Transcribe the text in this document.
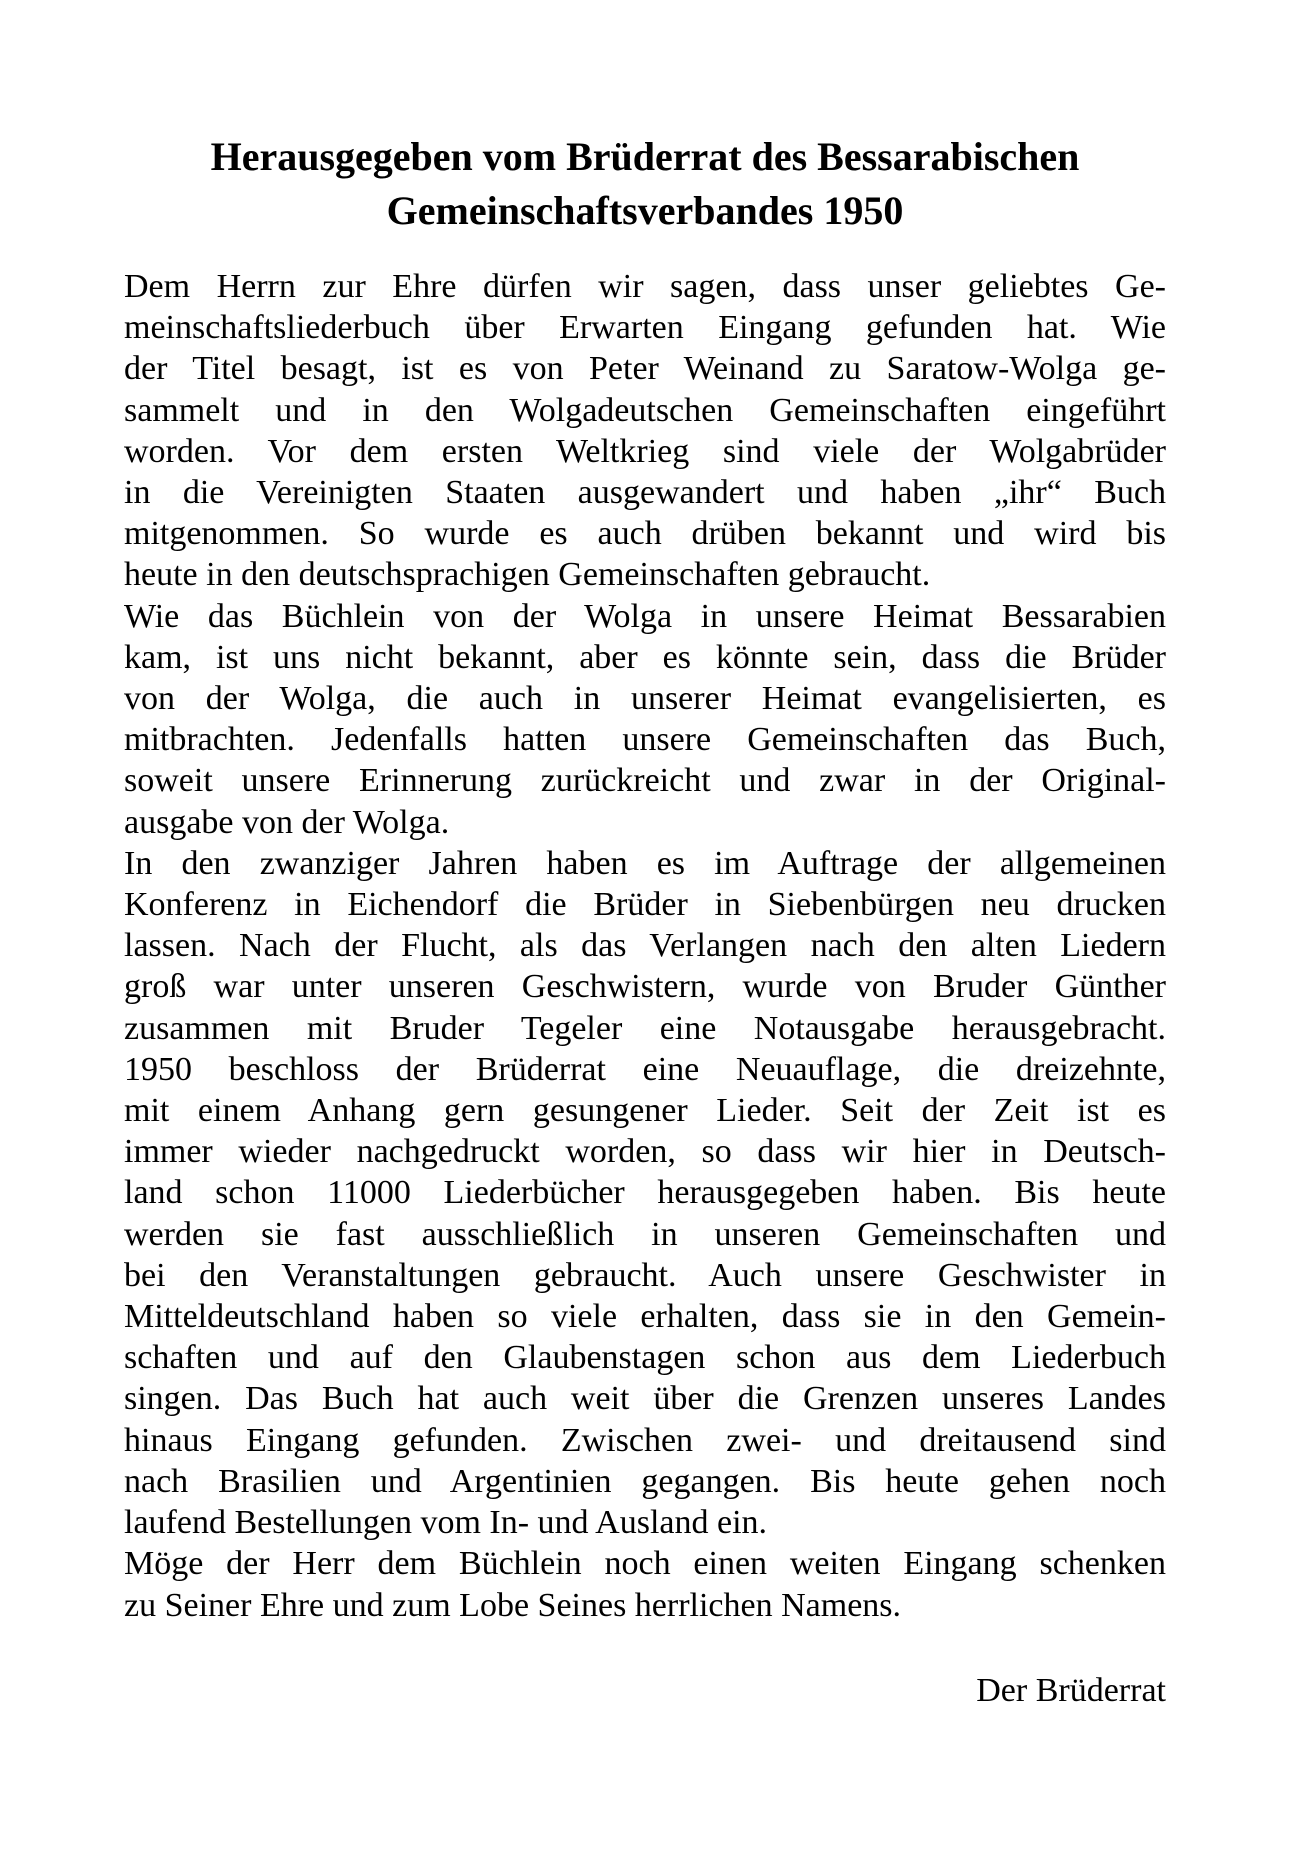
Herausgegeben vom Brüderrat des Bessarabischen
Gemeinschaftsverbandes 1950

Dem Herrn zur Ehre dürfen wir sagen, dass unser geliebtes Ge-
meinschaftsliederbuch über Erwarten Eingang gefunden hat. Wie
der Titel besagt, ist es von Peter Weinand zu Saratow-Wolga ge-
sammelt und in den Wolgadeutschen Gemeinschaften eingeführt
worden. Vor dem ersten Weltkrieg sind viele der Wolgabrüder
in die Vereinigten Staaten ausgewandert und haben „ihr“ Buch
mitgenommen. So wurde es auch drüben bekannt und wird bis
heute in den deutschsprachigen Gemeinschaften gebraucht.

Wie das Büchlein von der Wolga in unsere Heimat Bessarabien
kam, ist uns nicht bekannt, aber es könnte sein, dass die Brüder
von der Wolga, die auch in unserer Heimat evangelisierten, es
mitbrachten. Jedenfalls hatten unsere Gemeinschaften das Buch,
soweit unsere Erinnerung zurückreicht und zwar in der Original-
ausgabe von der Wolga.

In den zwanziger Jahren haben es im Auftrage der allgemeinen
Konferenz in Eichendorf die Brüder in Siebenbürgen neu drucken
lassen. Nach der Flucht, als das Verlangen nach den alten Liedern
groß war unter unseren Geschwistern, wurde von Bruder Günther
zusammen mit Bruder Tegeler eine Notausgabe herausgebracht.
1950 beschloss der Brüderrat eine Neuauflage, die dreizehnte,
mit einem Anhang gern gesungener Lieder. Seit der Zeit ist es
immer wieder nachgedruckt worden, so dass wir hier in Deutsch-
land schon 11000 Liederbücher herausgegeben haben. Bis heute
werden sie fast ausschließlich in unseren Gemeinschaften und
bei den Veranstaltungen gebraucht. Auch unsere Geschwister in
Mitteldeutschland haben so viele erhalten, dass sie in den Gemein-
schaften und auf den Glaubenstagen schon aus dem Liederbuch
singen. Das Buch hat auch weit über die Grenzen unseres Landes
hinaus Eingang gefunden. Zwischen zwei- und dreitausend sind
nach Brasilien und Argentinien gegangen. Bis heute gehen noch
laufend Bestellungen vom In- und Ausland ein.

Möge der Herr dem Büchlein noch einen weiten Eingang schenken
zu Seiner Ehre und zum Lobe Seines herrlichen Namens.

Der Brüderrat
